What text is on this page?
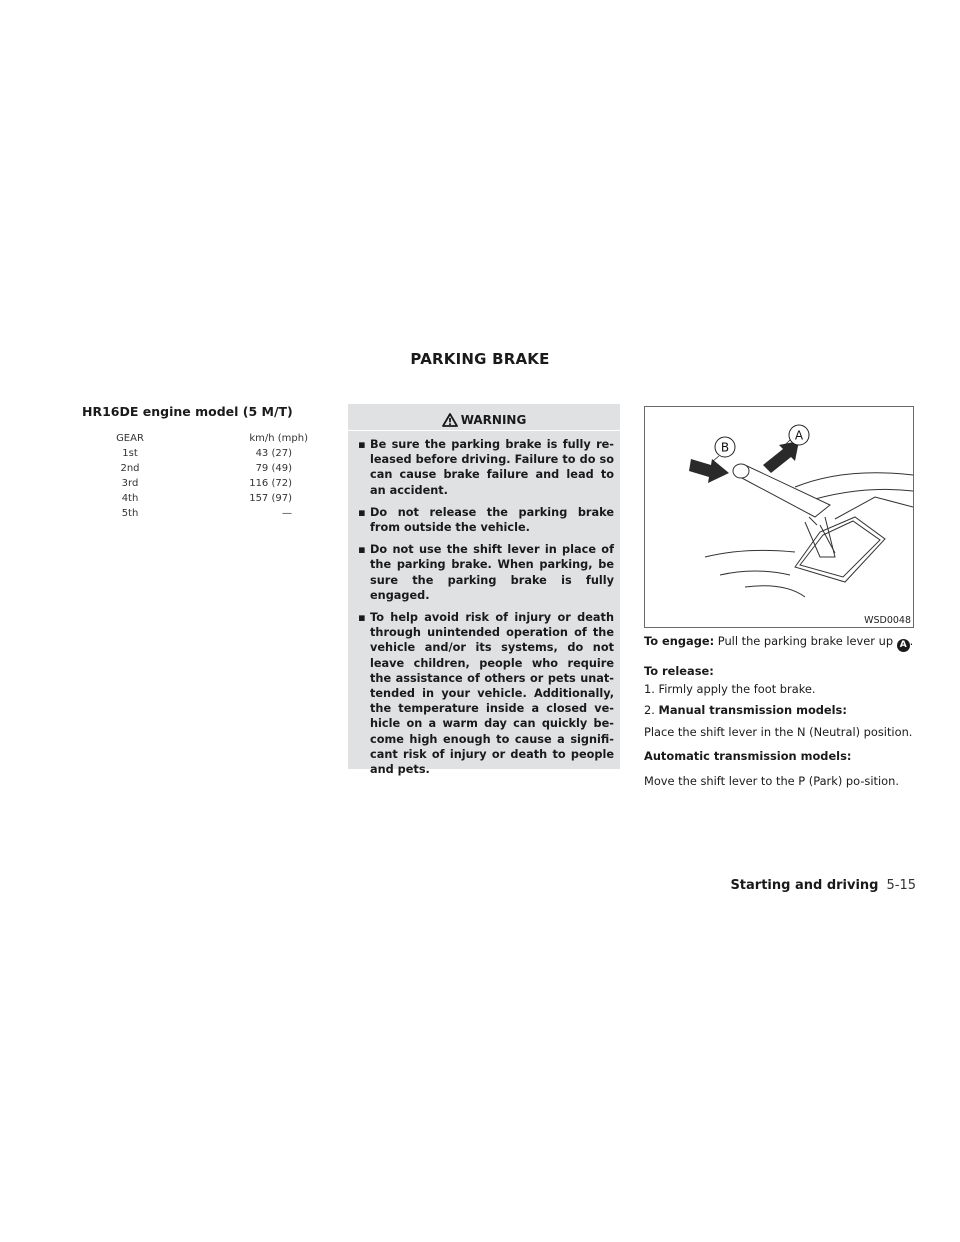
PARKING BRAKE
HR16DE engine model (5 M/T)
GEAR	km/h (mph)
1st	43 (27)
2nd	79 (49)
3rd	116 (72)
4th	157 (97)
5th	—
WARNING
▪ Be sure the parking brake is fully re-leased before driving. Failure to do so can cause brake failure and lead to an accident.
▪ Do not release the parking brake from outside the vehicle.
▪ Do not use the shift lever in place of the parking brake. When parking, be sure the parking brake is fully engaged.
▪ To help avoid risk of injury or death through unintended operation of the vehicle and/or its systems, do not leave children, people who require the assistance of others or pets unat-tended in your vehicle. Additionally, the temperature inside a closed ve-hicle on a warm day can quickly be-come high enough to cause a signifi-cant risk of injury or death to people and pets.
A
B
WSD0048

To engage: Pull the parking brake lever up A .

To release:

1. Firmly apply the foot brake.

2. Manual transmission models:

Place the shift lever in the N (Neutral) position.

Automatic transmission models:

Move the shift lever to the P (Park) po-sition.

Starting and driving 5-15
